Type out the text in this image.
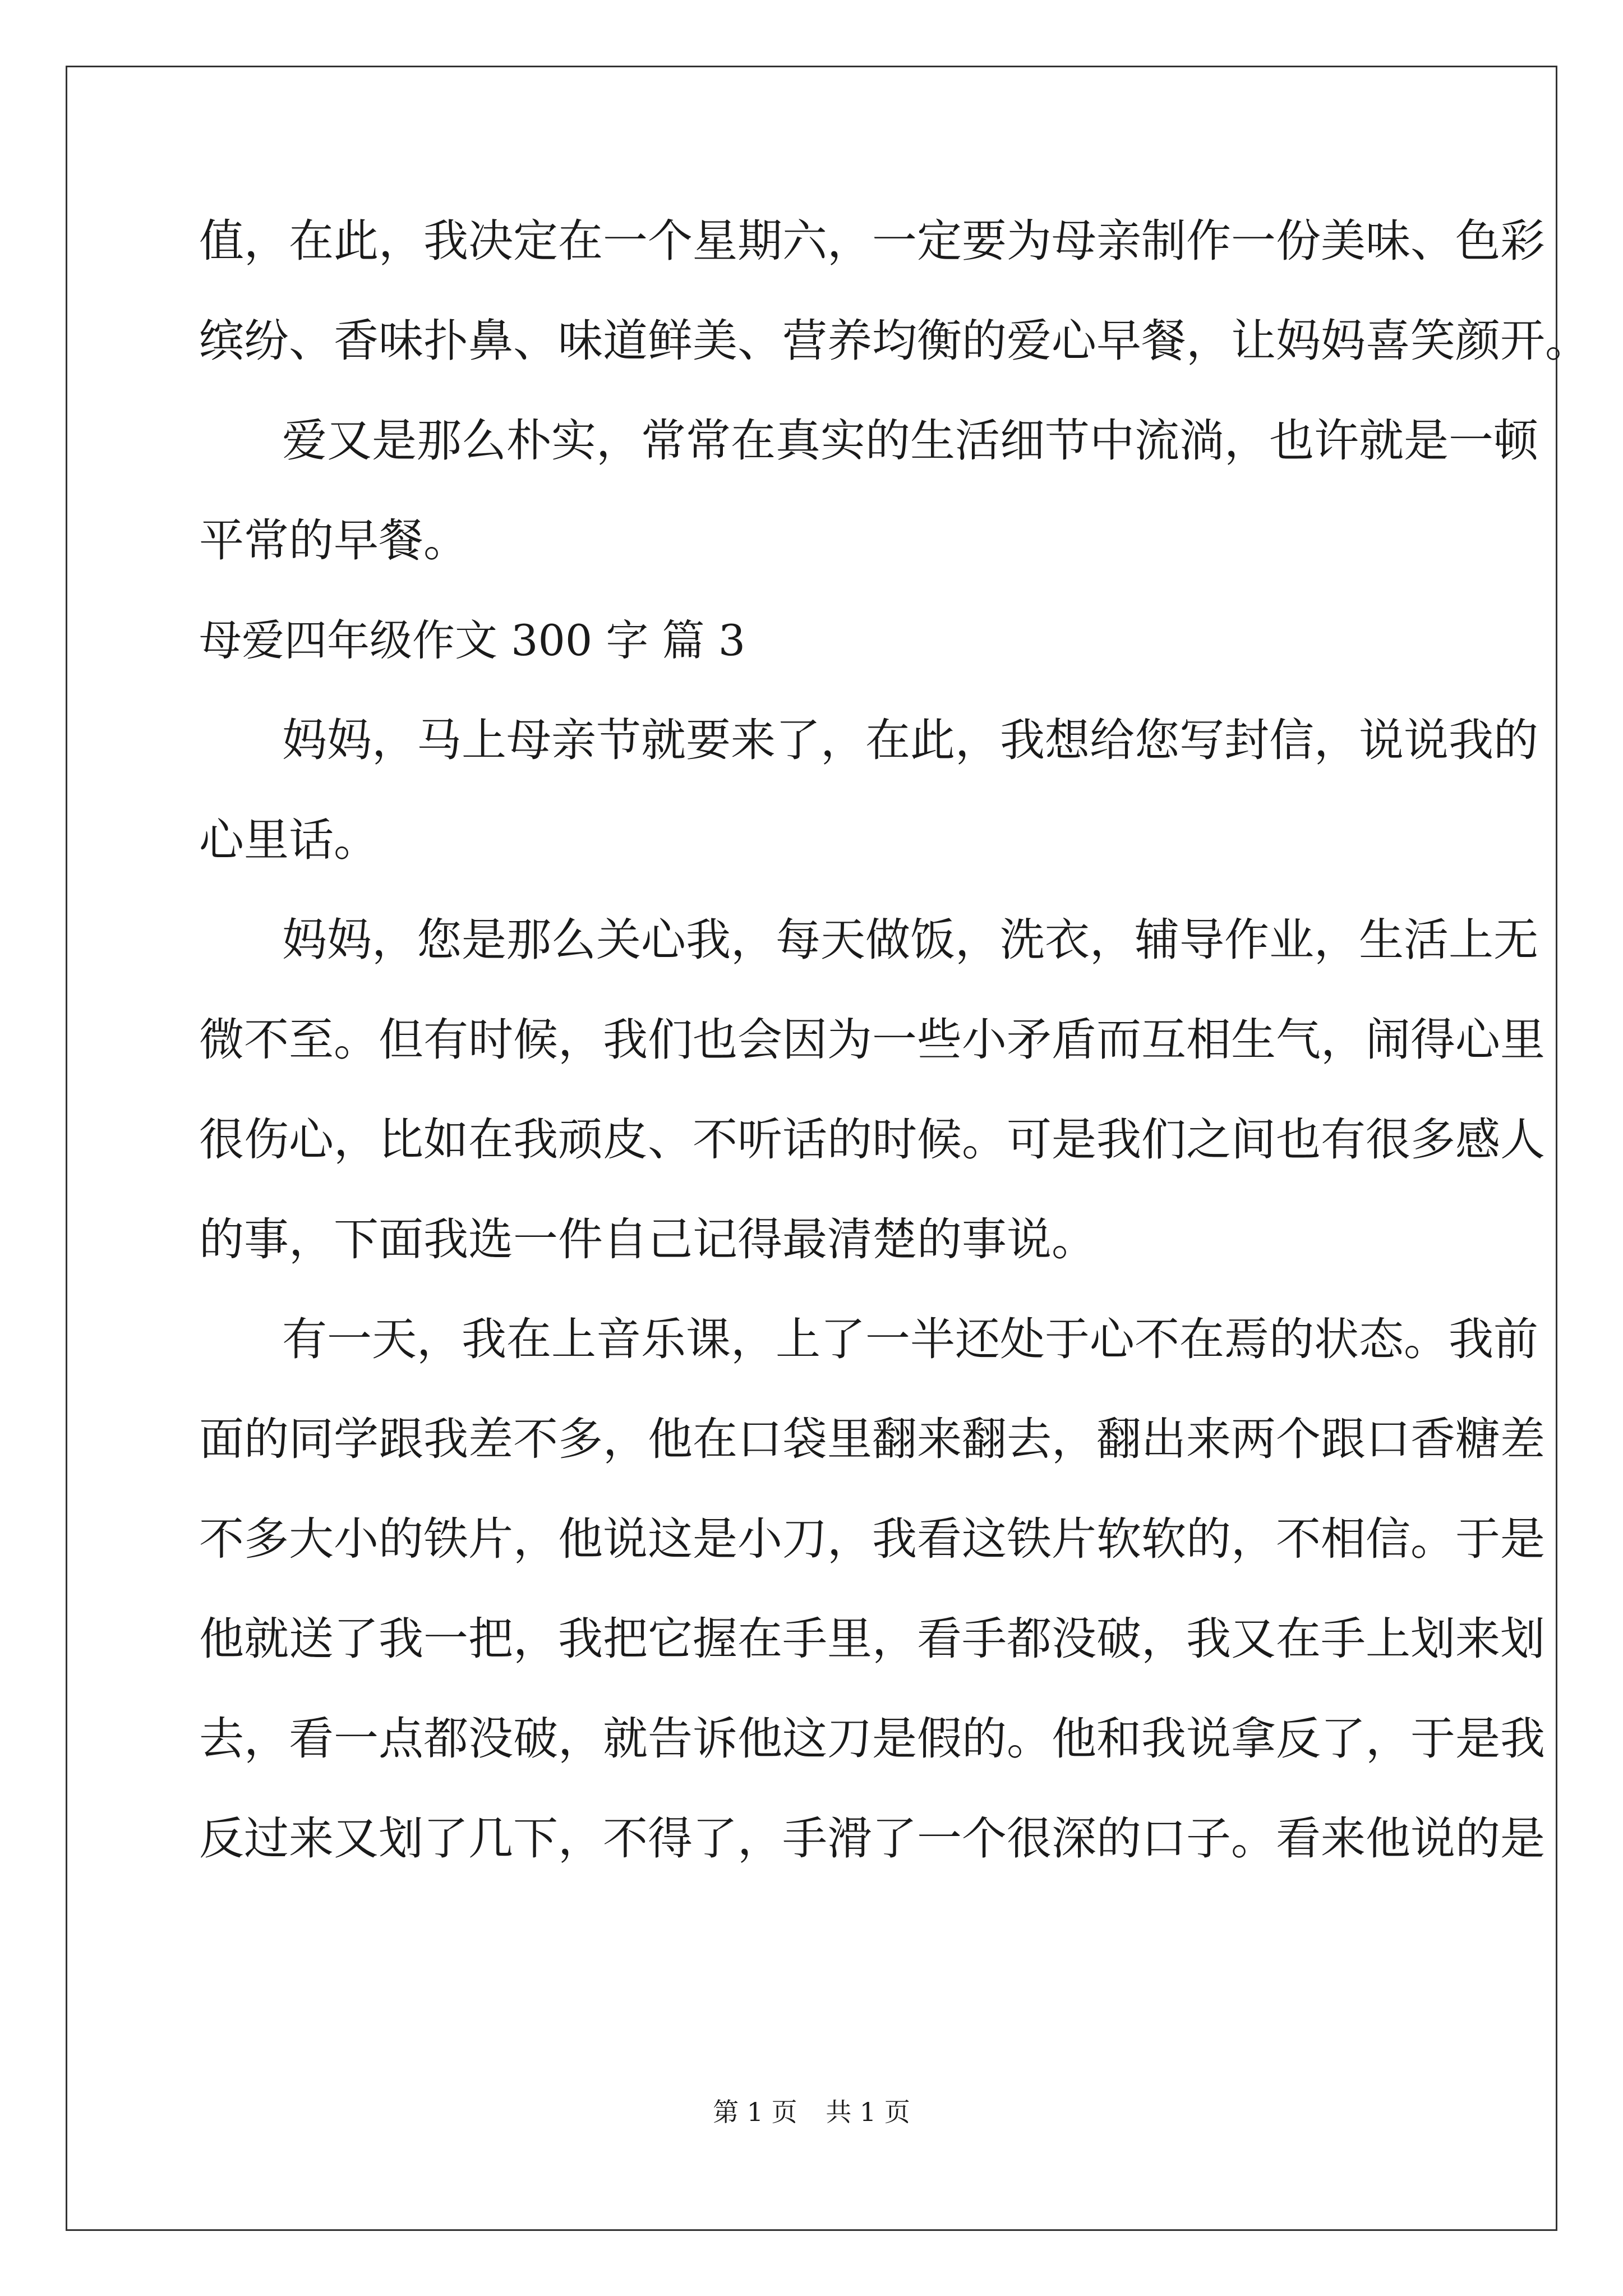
值，在此，我决定在一个星期六，一定要为母亲制作一份美味、色彩
缤纷、香味扑鼻、味道鲜美、营养均衡的爱心早餐，让妈妈喜笑颜开。
爱又是那么朴实，常常在真实的生活细节中流淌，也许就是一顿
平常的早餐。
母爱四年级作文 300 字 篇 3
妈妈，马上母亲节就要来了，在此，我想给您写封信，说说我的
心里话。
妈妈，您是那么关心我，每天做饭，洗衣，辅导作业，生活上无
微不至。但有时候，我们也会因为一些小矛盾而互相生气，闹得心里
很伤心，比如在我顽皮、不听话的时候。可是我们之间也有很多感人
的事，下面我选一件自己记得最清楚的事说。
有一天，我在上音乐课，上了一半还处于心不在焉的状态。我前
面的同学跟我差不多，他在口袋里翻来翻去，翻出来两个跟口香糖差
不多大小的铁片，他说这是小刀，我看这铁片软软的，不相信。于是
他就送了我一把，我把它握在手里，看手都没破，我又在手上划来划
去，看一点都没破，就告诉他这刀是假的。他和我说拿反了，于是我
反过来又划了几下，不得了，手滑了一个很深的口子。看来他说的是
第 1 页 共 1 页
